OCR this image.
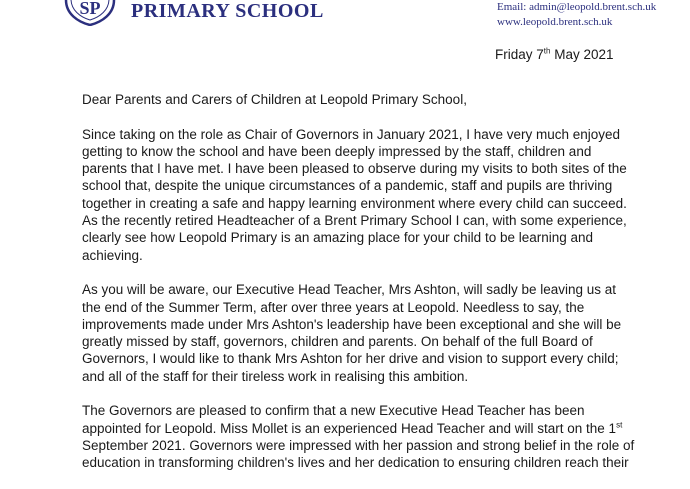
SP PRIMARY SCHOOL	Email: admin@leopold.brent.sch.uk
www.leopold.brent.sch.uk
Friday 7th May 2021
Dear Parents and Carers of Children at Leopold Primary School,
Since taking on the role as Chair of Governors in January 2021, I have very much enjoyed
getting to know the school and have been deeply impressed by the staff, children and
parents that I have met. I have been pleased to observe during my visits to both sites of the
school that, despite the unique circumstances of a pandemic, staff and pupils are thriving
together in creating a safe and happy learning environment where every child can succeed.
As the recently retired Headteacher of a Brent Primary School I can, with some experience,
clearly see how Leopold Primary is an amazing place for your child to be learning and
achieving.
As you will be aware, our Executive Head Teacher, Mrs Ashton, will sadly be leaving us at
the end of the Summer Term, after over three years at Leopold. Needless to say, the
improvements made under Mrs Ashton's leadership have been exceptional and she will be
greatly missed by staff, governors, children and parents. On behalf of the full Board of
Governors, I would like to thank Mrs Ashton for her drive and vision to support every child;
and all of the staff for their tireless work in realising this ambition.
The Governors are pleased to confirm that a new Executive Head Teacher has been
appointed for Leopold. Miss Mollet is an experienced Head Teacher and will start on the 1st
September 2021. Governors were impressed with her passion and strong belief in the role of
education in transforming children's lives and her dedication to ensuring children reach their
